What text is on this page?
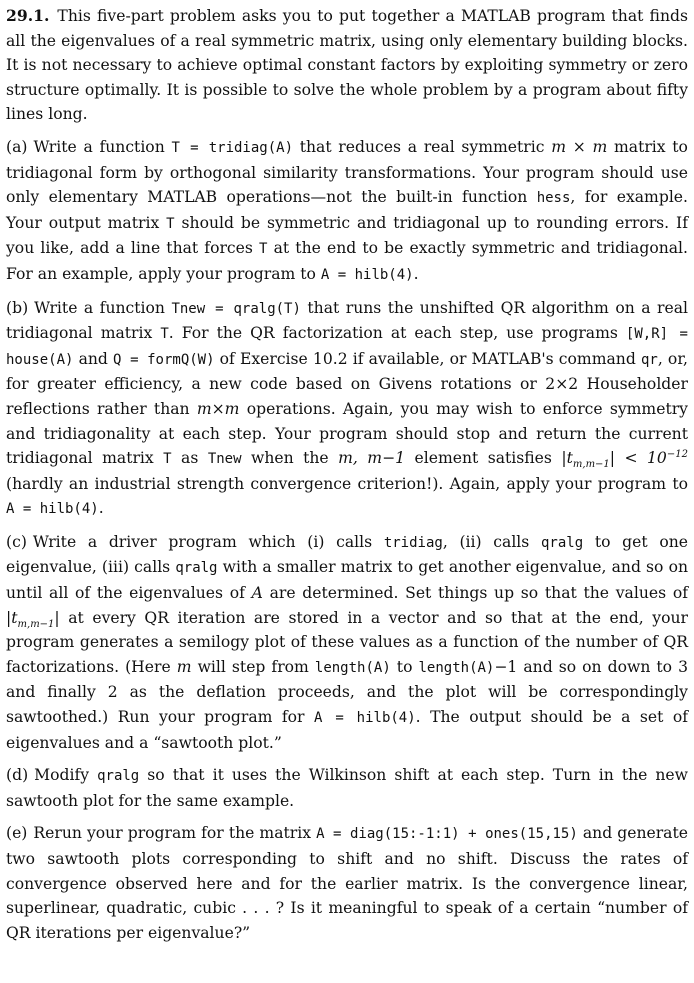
29.1. This five-part problem asks you to put together a MATLAB program that finds all the eigenvalues of a real symmetric matrix, using only elementary building blocks. It is not necessary to achieve optimal constant factors by exploiting symmetry or zero structure optimally. It is possible to solve the whole problem by a program about fifty lines long.

(a) Write a function T = tridiag(A) that reduces a real symmetric m × m matrix to tridiagonal form by orthogonal similarity transformations. Your program should use only elementary MATLAB operations—not the built-in function hess, for example. Your output matrix T should be symmetric and tridiagonal up to rounding errors. If you like, add a line that forces T at the end to be exactly symmetric and tridiagonal. For an example, apply your program to A = hilb(4).

(b) Write a function Tnew = qralg(T) that runs the unshifted QR algorithm on a real tridiagonal matrix T. For the QR factorization at each step, use programs [W,R] = house(A) and Q = formQ(W) of Exercise 10.2 if available, or MATLAB's command qr, or, for greater efficiency, a new code based on Givens rotations or 2×2 Householder reflections rather than m×m operations. Again, you may wish to enforce symmetry and tridiagonality at each step. Your program should stop and return the current tridiagonal matrix T as Tnew when the m, m−1 element satisfies $|t_{m,m-1}| < 10^{-12}$ (hardly an industrial strength convergence criterion!). Again, apply your program to A = hilb(4).

(c) Write a driver program which (i) calls tridiag, (ii) calls qralg to get one eigenvalue, (iii) calls qralg with a smaller matrix to get another eigenvalue, and so on until all of the eigenvalues of A are determined. Set things up so that the values of $|t_{m,m-1}|$ at every QR iteration are stored in a vector and so that at the end, your program generates a semilogy plot of these values as a function of the number of QR factorizations. (Here m will step from length(A) to length(A)−1 and so on down to 3 and finally 2 as the deflation proceeds, and the plot will be correspondingly sawtoothed.) Run your program for A = hilb(4). The output should be a set of eigenvalues and a “sawtooth plot.”

(d) Modify qralg so that it uses the Wilkinson shift at each step. Turn in the new sawtooth plot for the same example.

(e) Rerun your program for the matrix A = diag(15:-1:1) + ones(15,15) and generate two sawtooth plots corresponding to shift and no shift. Discuss the rates of convergence observed here and for the earlier matrix. Is the convergence linear, superlinear, quadratic, cubic . . . ? Is it meaningful to speak of a certain “number of QR iterations per eigenvalue?”
